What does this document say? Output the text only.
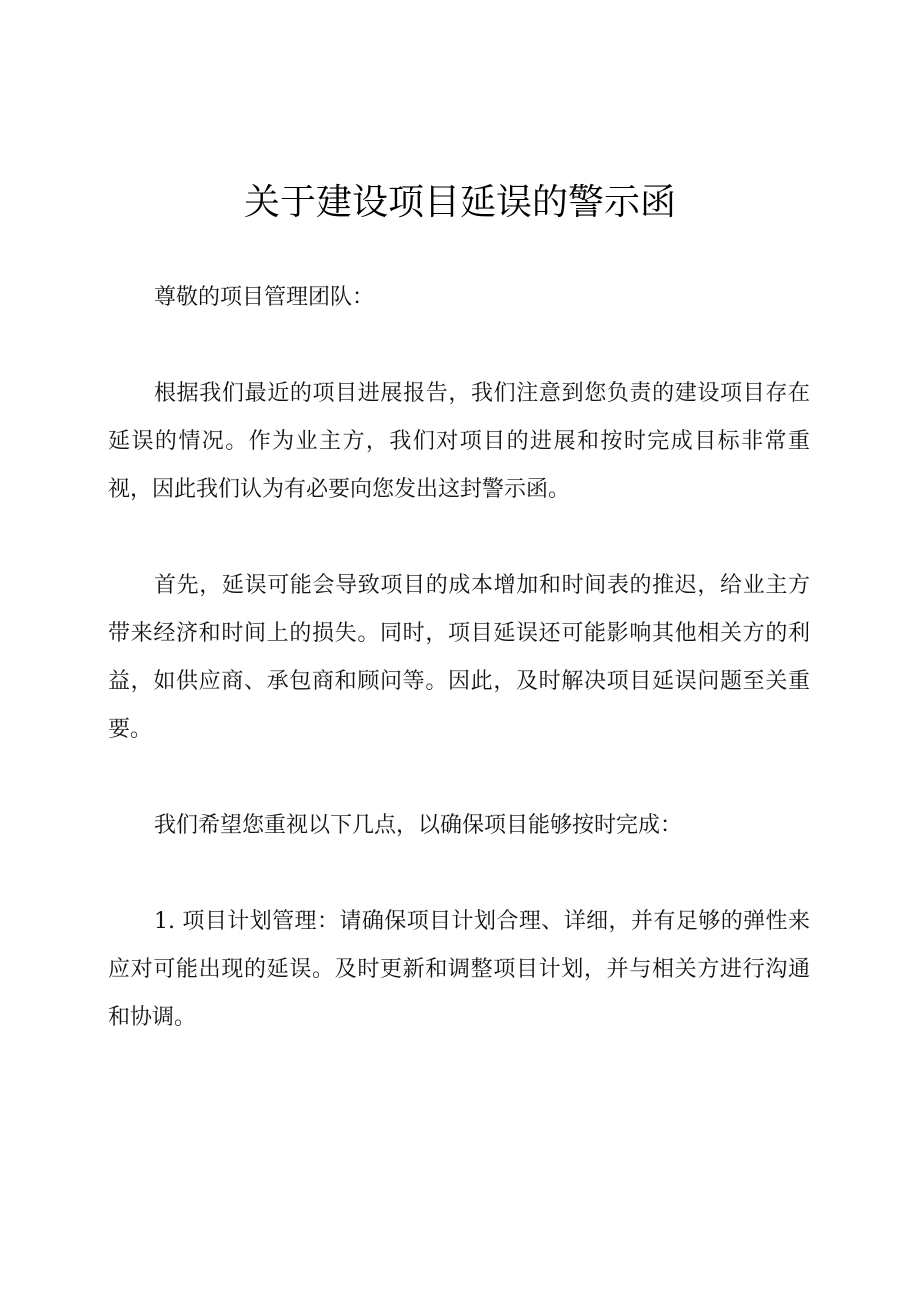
关于建设项目延误的警示函

尊敬的项目管理团队：

根据我们最近的项目进展报告，我们注意到您负责的建设项目存在延误的情况。作为业主方，我们对项目的进展和按时完成目标非常重视，因此我们认为有必要向您发出这封警示函。

首先，延误可能会导致项目的成本增加和时间表的推迟，给业主方带来经济和时间上的损失。同时，项目延误还可能影响其他相关方的利益，如供应商、承包商和顾问等。因此，及时解决项目延误问题至关重要。

我们希望您重视以下几点，以确保项目能够按时完成：

1. 项目计划管理：请确保项目计划合理、详细，并有足够的弹性来应对可能出现的延误。及时更新和调整项目计划，并与相关方进行沟通和协调。
